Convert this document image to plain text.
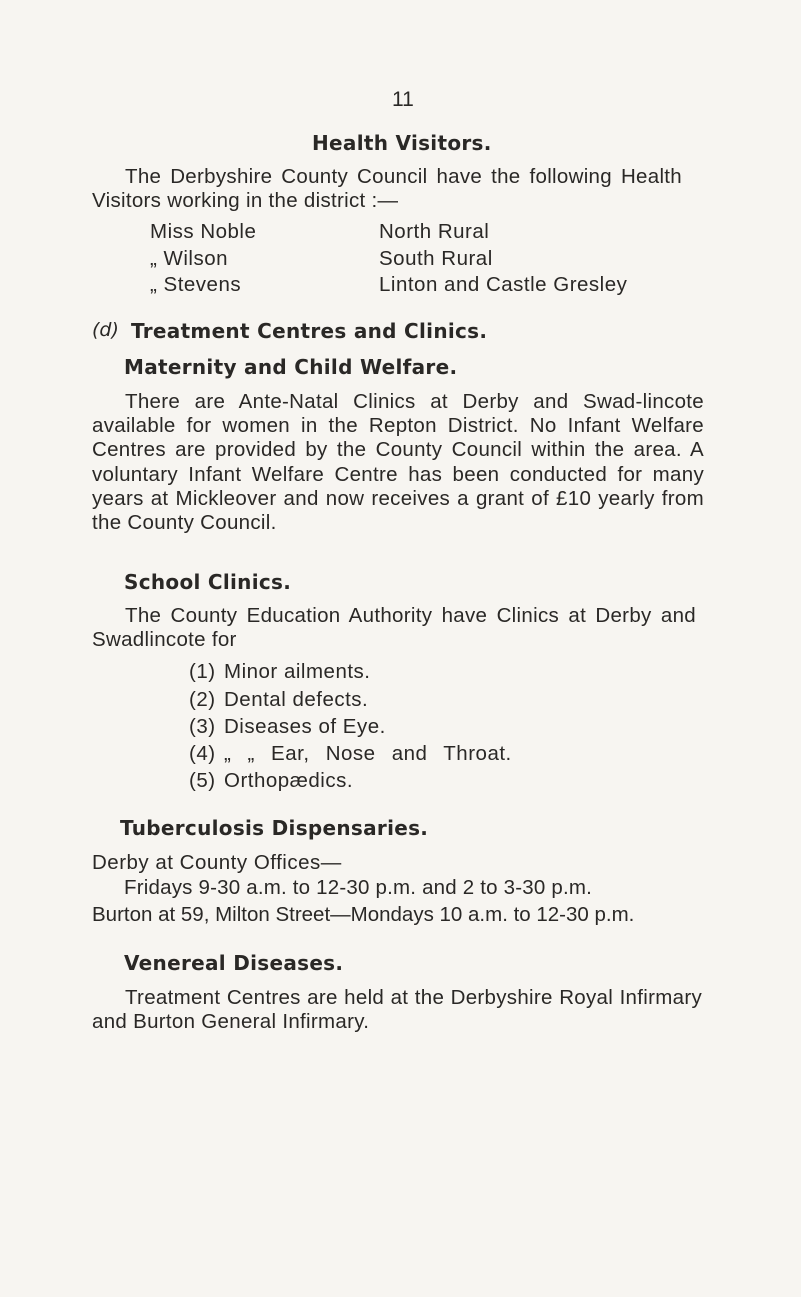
11
Health Visitors.
The Derbyshire County Council have the following Health Visitors working in the district :—
Miss Noble	North Rural
„ Wilson	South Rural
„ Stevens	Linton and Castle Gresley
(d) Treatment Centres and Clinics.
Maternity and Child Welfare.
There are Ante-Natal Clinics at Derby and Swad-lincote available for women in the Repton District. No Infant Welfare Centres are provided by the County Council within the area. A voluntary Infant Welfare Centre has been conducted for many years at Mickleover and now receives a grant of £10 yearly from the County Council.
School Clinics.
The County Education Authority have Clinics at Derby and Swadlincote for
(1) Minor ailments.
(2) Dental defects.
(3) Diseases of Eye.
(4) „ „ Ear, Nose and Throat.
(5) Orthopædics.
Tuberculosis Dispensaries.
Derby at County Offices—
Fridays 9-30 a.m. to 12-30 p.m. and 2 to 3-30 p.m.
Burton at 59, Milton Street—Mondays 10 a.m. to 12-30 p.m.
Venereal Diseases.
Treatment Centres are held at the Derbyshire Royal Infirmary and Burton General Infirmary.
